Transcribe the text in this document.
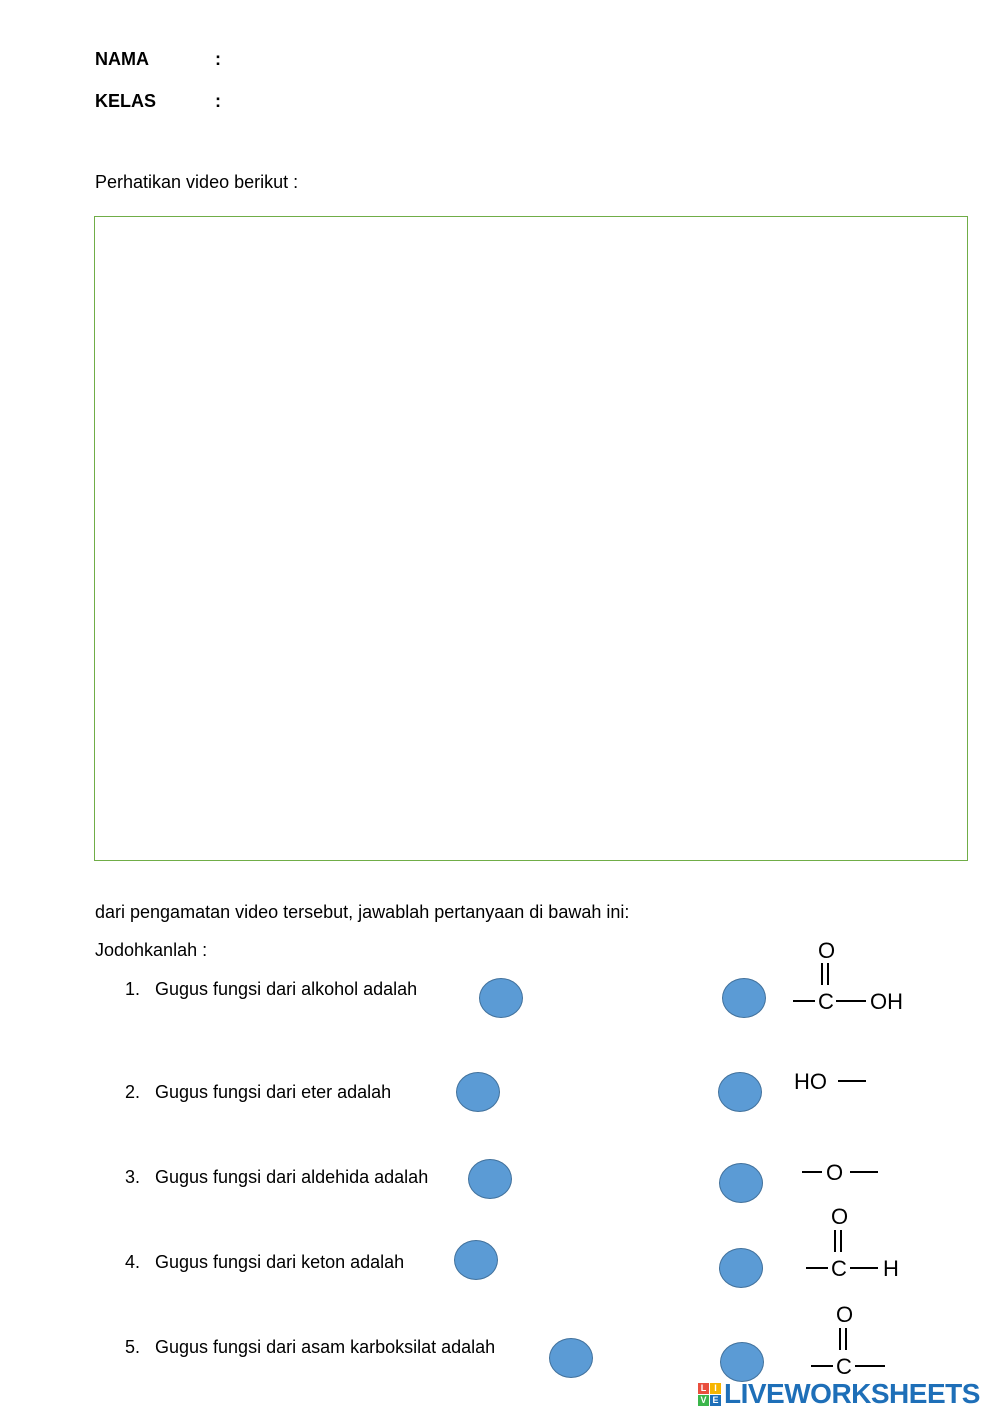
NAMA	:
KELAS	:
Perhatikan video berikut :
dari pengamatan video tersebut, jawablah pertanyaan di bawah ini:
Jodohkanlah :
1. Gugus fungsi dari alkohol adalah
2. Gugus fungsi dari eter adalah
3. Gugus fungsi dari aldehida adalah
4. Gugus fungsi dari keton adalah
5. Gugus fungsi dari asam karboksilat adalah
O
C OH
HO
O
O
C H
O
C
L I
V E LIVEWORKSHEETS
